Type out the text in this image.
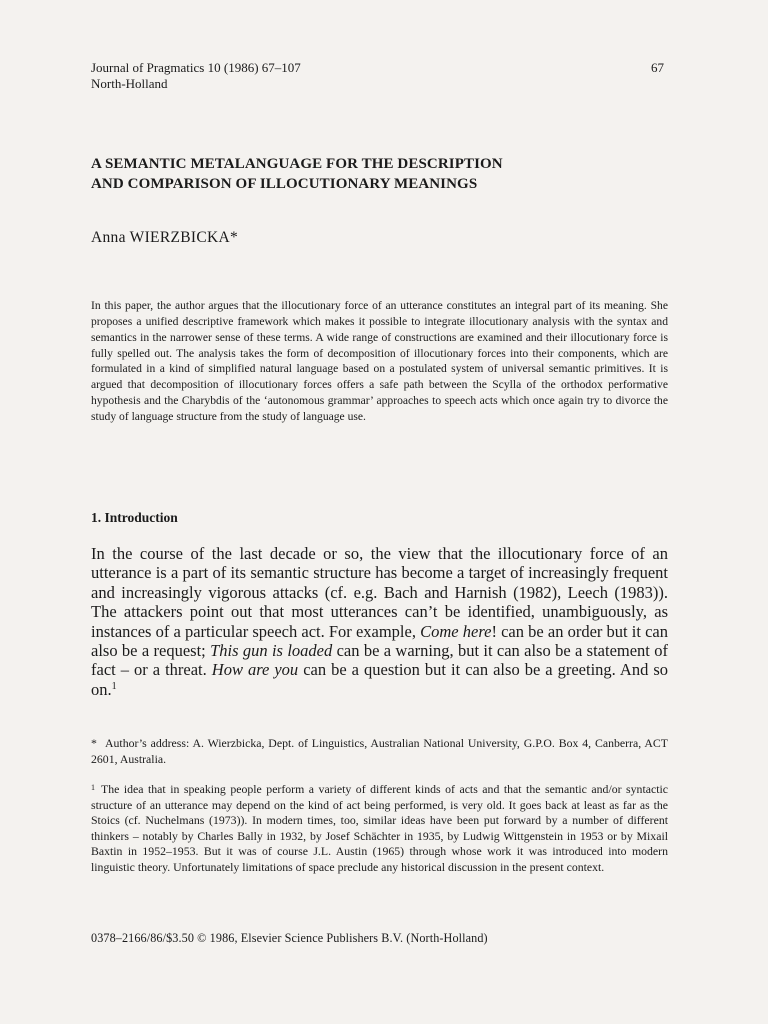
Journal of Pragmatics 10 (1986) 67–107
North-Holland
67
A SEMANTIC METALANGUAGE FOR THE DESCRIPTION
AND COMPARISON OF ILLOCUTIONARY MEANINGS
Anna WIERZBICKA*
In this paper, the author argues that the illocutionary force of an utterance constitutes an integral part of its meaning. She proposes a unified descriptive framework which makes it possible to integrate illocutionary analysis with the syntax and semantics in the narrower sense of these terms. A wide range of constructions are examined and their illocutionary force is fully spelled out. The analysis takes the form of decomposition of illocutionary forces into their components, which are formulated in a kind of simplified natural language based on a postulated system of universal semantic primitives. It is argued that decomposition of illocutionary forces offers a safe path between the Scylla of the orthodox performative hypothesis and the Charybdis of the ‘autonomous grammar’ approaches to speech acts which once again try to divorce the study of language structure from the study of language use.
1. Introduction
In the course of the last decade or so, the view that the illocutionary force of an utterance is a part of its semantic structure has become a target of increasingly frequent and increasingly vigorous attacks (cf. e.g. Bach and Harnish (1982), Leech (1983)). The attackers point out that most utterances can’t be identified, unambiguously, as instances of a particular speech act. For example, Come here! can be an order but it can also be a request; This gun is loaded can be a warning, but it can also be a statement of fact – or a threat. How are you can be a question but it can also be a greeting. And so on.$^1$
* Author’s address: A. Wierzbicka, Dept. of Linguistics, Australian National University, G.P.O. Box 4, Canberra, ACT 2601, Australia.
1 The idea that in speaking people perform a variety of different kinds of acts and that the semantic and/or syntactic structure of an utterance may depend on the kind of act being performed, is very old. It goes back at least as far as the Stoics (cf. Nuchelmans (1973)). In modern times, too, similar ideas have been put forward by a number of different thinkers – notably by Charles Bally in 1932, by Josef Schächter in 1935, by Ludwig Wittgenstein in 1953 or by Mixail Baxtin in 1952–1953. But it was of course J.L. Austin (1965) through whose work it was introduced into modern linguistic theory. Unfortunately limitations of space preclude any historical discussion in the present context.
0378–2166/86/$3.50 © 1986, Elsevier Science Publishers B.V. (North-Holland)
